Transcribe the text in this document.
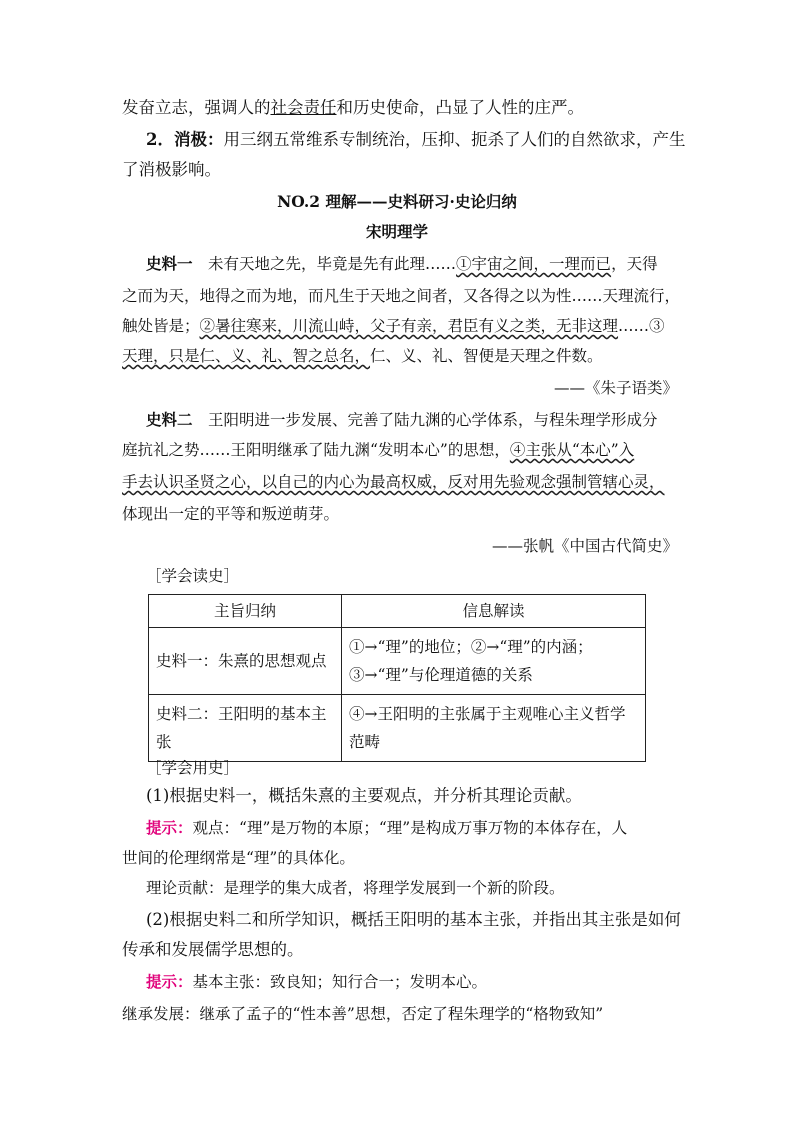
发奋立志，强调人的社会责任和历史使命，凸显了人性的庄严。
2．消极：用三纲五常维系专制统治，压抑、扼杀了人们的自然欲求，产生
了消极影响。
NO.2 理解——史料研习·史论归纳
宋明理学
史料一　 未有天地之先，毕竟是先有此理……①宇宙之间，一理而已，天得
之而为天，地得之而为地，而凡生于天地之间者，又各得之以为性……天理流行，
触处皆是；②暑往寒来，川流山峙，父子有亲，君臣有义之类，无非这理……③
天理，只是仁、义、礼、智之总名，仁、义、礼、智便是天理之件数。
——《朱子语类》
史料二　 王阳明进一步发展、完善了陆九渊的心学体系，与程朱理学形成分
庭抗礼之势……王阳明继承了陆九渊“发明本心”的思想，④主张从“本心”入
手去认识圣贤之心，以自己的内心为最高权威，反对用先验观念强制管辖心灵，
体现出一定的平等和叛逆萌芽。
——张帆《中国古代简史》
［学会读史］
主旨归纳	信息解读
史料一：朱熹的思想观点	①→“理”的地位；②→“理”的内涵；
③→“理”与伦理道德的关系

史料二：王阳明的基本主张	④→王阳明的主张属于主观唯心主义哲学
范畴
［学会用史］
(1)根据史料一，概括朱熹的主要观点，并分析其理论贡献。
提示：观点：“理”是万物的本原；“理”是构成万事万物的本体存在，人
世间的伦理纲常是“理”的具体化。
理论贡献：是理学的集大成者，将理学发展到一个新的阶段。
(2)根据史料二和所学知识，概括王阳明的基本主张，并指出其主张是如何
传承和发展儒学思想的。
提示：基本主张：致良知；知行合一；发明本心。
继承发展：继承了孟子的“性本善”思想，否定了程朱理学的“格物致知”
